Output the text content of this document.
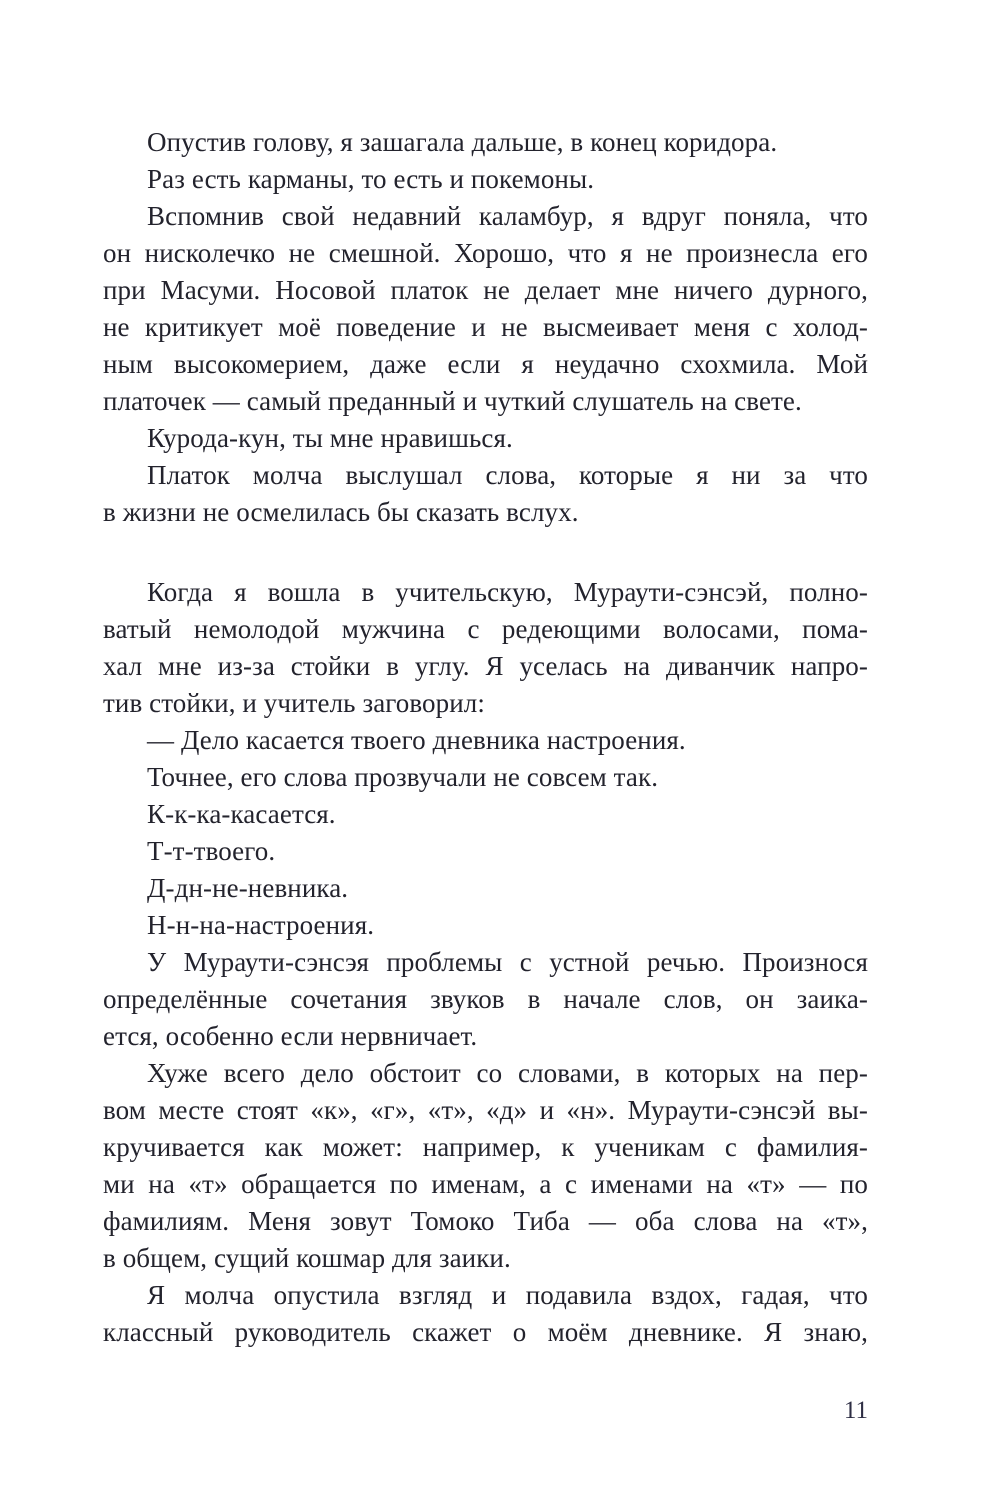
Опустив голову, я зашагала дальше, в конец коридора.
Раз есть карманы, то есть и покемоны.
Вспомнив свой недавний каламбур, я вдруг поняла, что
он нисколечко не смешной. Хорошо, что я не произнесла его
при Масуми. Носовой платок не делает мне ничего дурного,
не критикует моё поведение и не высмеивает меня с холод-
ным высокомерием, даже если я неудачно схохмила. Мой
платочек — самый преданный и чуткий слушатель на свете.
Курода-кун, ты мне нравишься.
Платок молча выслушал слова, которые я ни за что
в жизни не осмелилась бы сказать вслух.
Когда я вошла в учительскую, Мураути-сэнсэй, полно-
ватый немолодой мужчина с редеющими волосами, пома-
хал мне из-за стойки в углу. Я уселась на диванчик напро-
тив стойки, и учитель заговорил:
— Дело касается твоего дневника настроения.
Точнее, его слова прозвучали не совсем так.
К-к-ка-касается.
Т-т-твоего.
Д-дн-не-невника.
Н-н-на-настроения.
У Мураути-сэнсэя проблемы с устной речью. Произнося
определённые сочетания звуков в начале слов, он заика-
ется, особенно если нервничает.
Хуже всего дело обстоит со словами, в которых на пер-
вом месте стоят «к», «г», «т», «д» и «н». Мураути-сэнсэй вы-
кручивается как может: например, к ученикам с фамилия-
ми на «т» обращается по именам, а с именами на «т» — по
фамилиям. Меня зовут Томоко Тиба — оба слова на «т»,
в общем, сущий кошмар для заики.
Я молча опустила взгляд и подавила вздох, гадая, что
классный руководитель скажет о моём дневнике. Я знаю,
11
